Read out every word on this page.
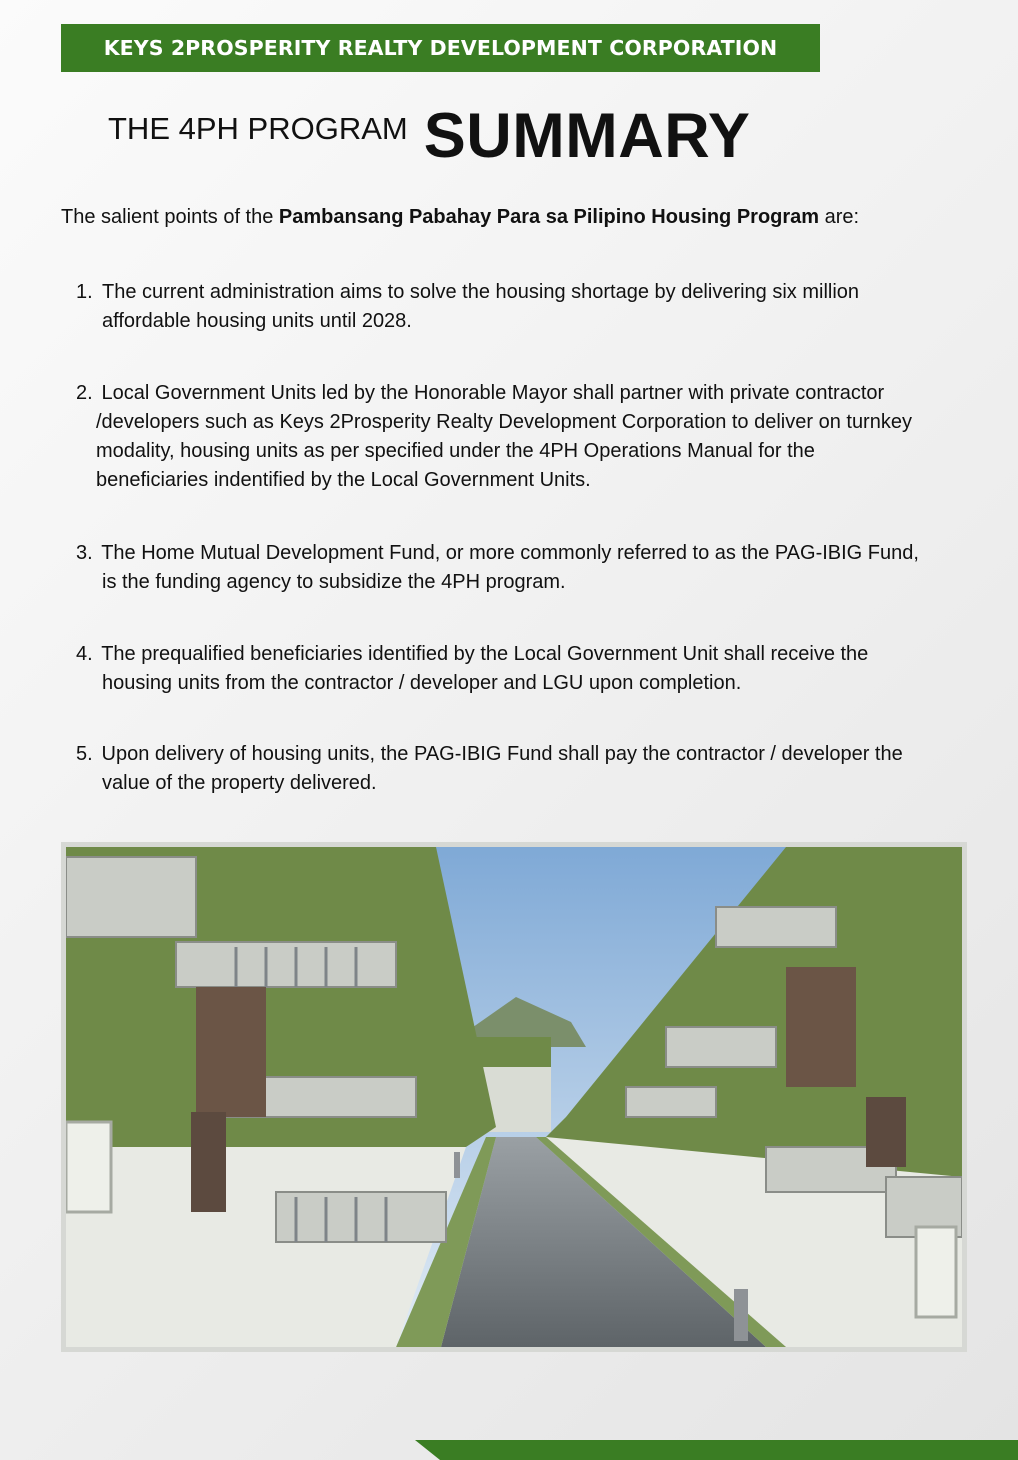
KEYS 2PROSPERITY REALTY DEVELOPMENT CORPORATION
THE 4PH PROGRAM SUMMARY
The salient points of the Pambansang Pabahay Para sa Pilipino Housing Program are:
1. The current administration aims to solve the housing shortage by delivering six million
affordable housing units until 2028.
2. Local Government Units led by the Honorable Mayor shall partner with private contractor
/developers such as Keys 2Prosperity Realty Development Corporation to deliver on turnkey
modality, housing units as per specified under the 4PH Operations Manual for the
beneficiaries indentified by the Local Government Units.
3. The Home Mutual Development Fund, or more commonly referred to as the PAG-IBIG Fund,
is the funding agency to subsidize the 4PH program.
4. The prequalified beneficiaries identified by the Local Government Unit shall receive the
housing units from the contractor / developer and LGU upon completion.
5. Upon delivery of housing units, the PAG-IBIG Fund shall pay the contractor / developer the
value of the property delivered.
